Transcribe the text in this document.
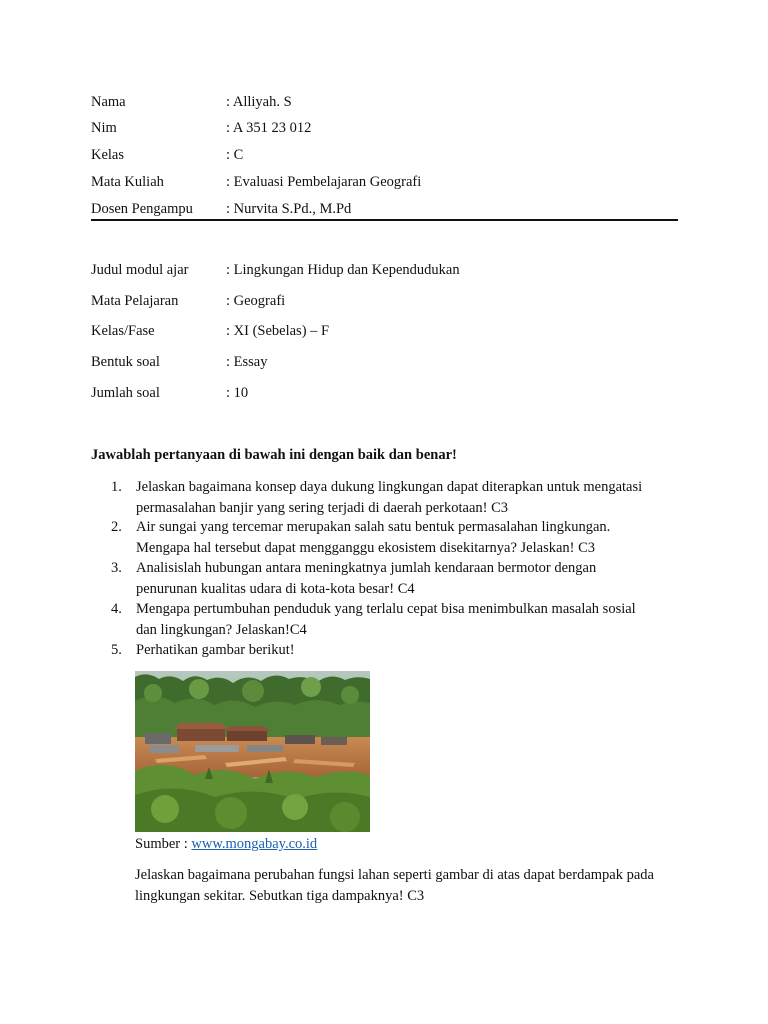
Nama	: Alliyah. S
Nim	: A 351 23 012
Kelas	: C
Mata Kuliah	: Evaluasi Pembelajaran Geografi
Dosen Pengampu : Nurvita S.Pd., M.Pd
Judul modul ajar	: Lingkungan Hidup dan Kependudukan
Mata Pelajaran	: Geografi
Kelas/Fase	: XI (Sebelas) – F
Bentuk soal	: Essay
Jumlah soal	: 10
Jawablah pertanyaan di bawah ini dengan baik dan benar!
1. Jelaskan bagaimana konsep daya dukung lingkungan dapat diterapkan untuk mengatasi
permasalahan banjir yang sering terjadi di daerah perkotaan! C3
2. Air sungai yang tercemar merupakan salah satu bentuk permasalahan lingkungan.
Mengapa hal tersebut dapat mengganggu ekosistem disekitarnya? Jelaskan! C3
3. Analisislah hubungan antara meningkatnya jumlah kendaraan bermotor dengan
penurunan kualitas udara di kota-kota besar! C4
4. Mengapa pertumbuhan penduduk yang terlalu cepat bisa menimbulkan masalah sosial
dan lingkungan? Jelaskan!C4
5. Perhatikan gambar berikut!
Sumber : www.mongabay.co.id
Jelaskan bagaimana perubahan fungsi lahan seperti gambar di atas dapat berdampak pada
lingkungan sekitar. Sebutkan tiga dampaknya! C3
